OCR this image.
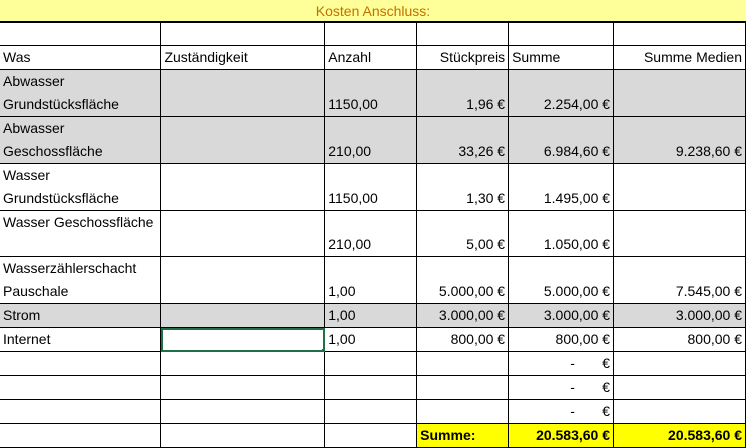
Kosten Anschluss:

Was	Zuständigkeit	Anzahl	Stückpreis	Summe	Summe Medien
Abwasser Grundstücksfläche		1150,00	1,96 €	2.254,00 €	
Abwasser Geschossfläche		210,00	33,26 €	6.984,60 €	9.238,60 €
Wasser Grundstücksfläche		1150,00	1,30 €	1.495,00 €	
Wasser Geschossfläche		210,00	5,00 €	1.050,00 €	
Wasserzählerschacht Pauschale		1,00	5.000,00 €	5.000,00 €	7.545,00 €
Strom		1,00	3.000,00 €	3.000,00 €	3.000,00 €
Internet		1,00	800,00 €	800,00 €	800,00 €
				- €	
				- €	
				- €	
			Summe:	20.583,60 €	20.583,60 €
